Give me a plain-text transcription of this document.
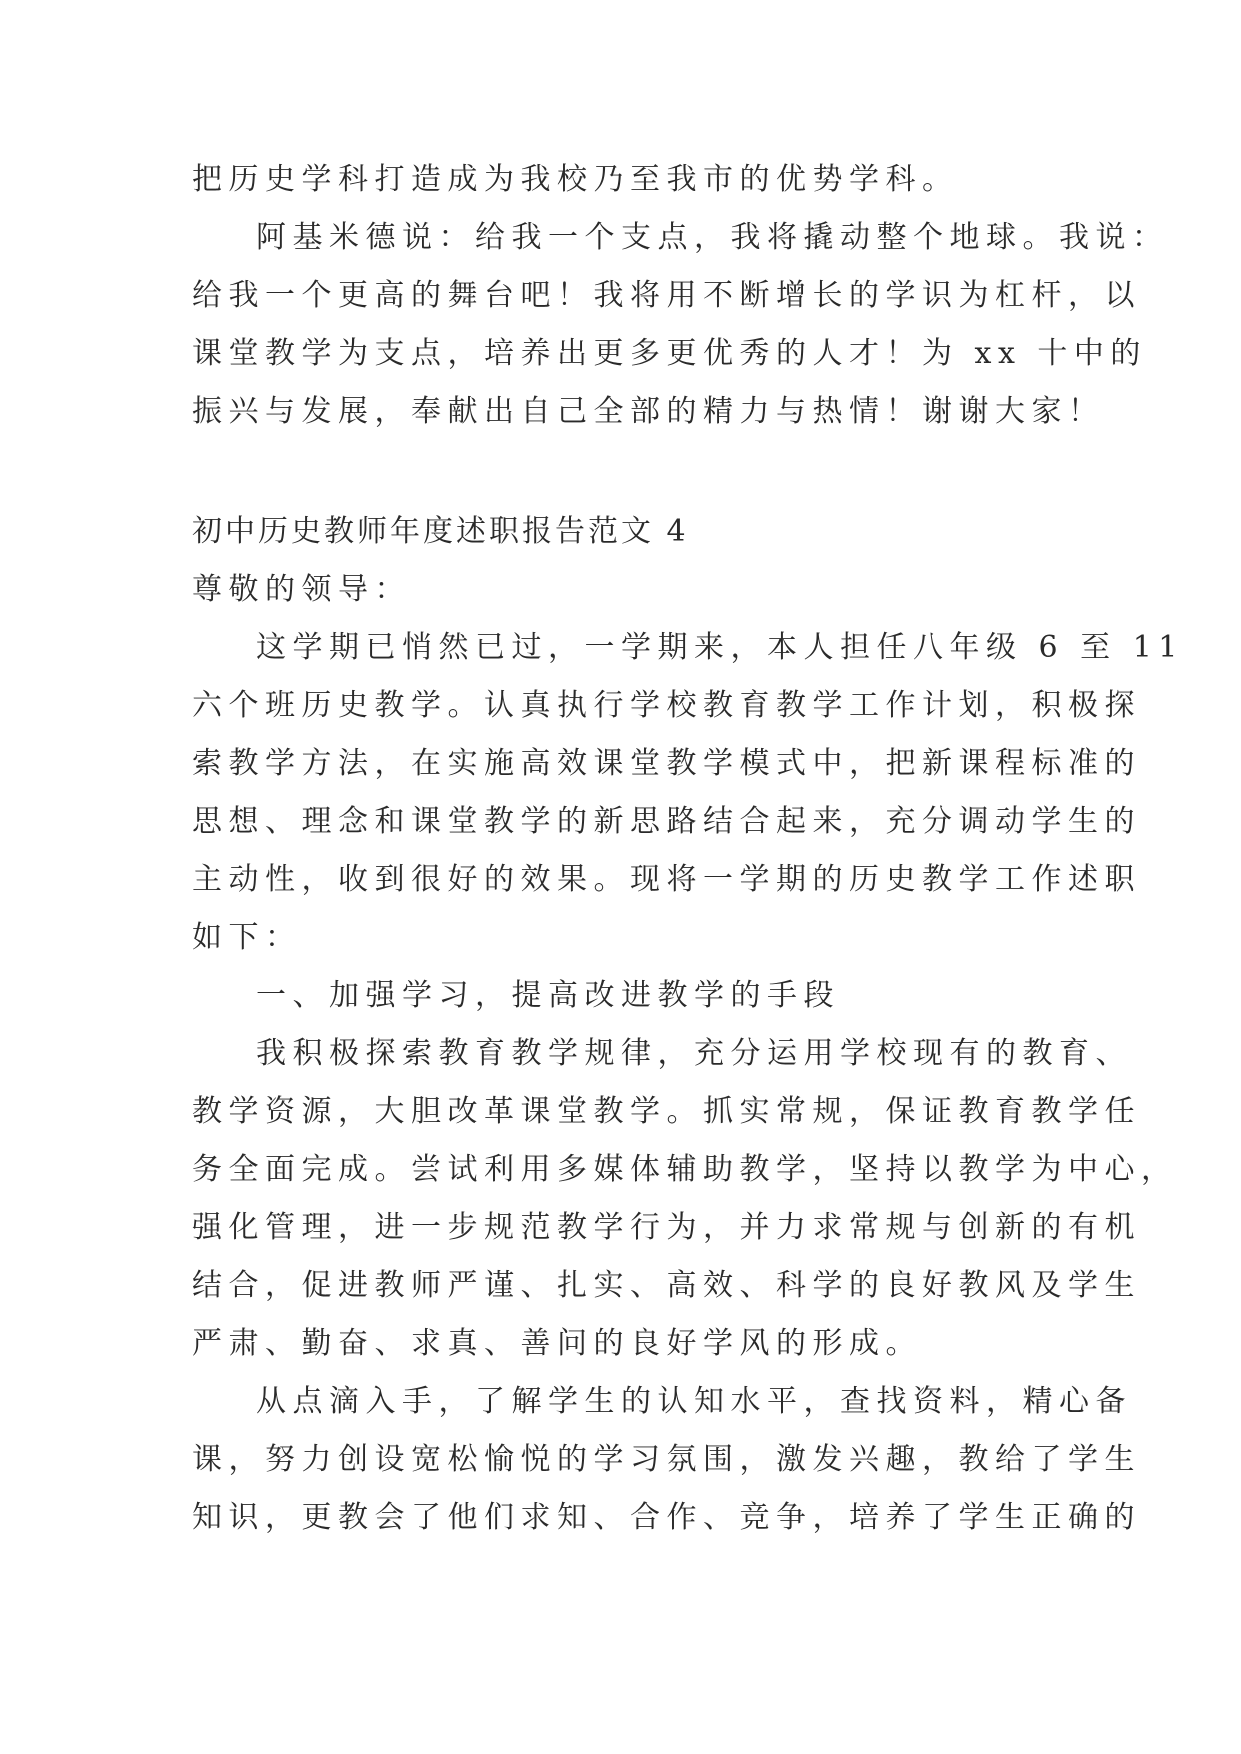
把历史学科打造成为我校乃至我市的优势学科。
阿基米德说：给我一个支点，我将撬动整个地球。我说：
给我一个更高的舞台吧！我将用不断增长的学识为杠杆，以
课堂教学为支点，培养出更多更优秀的人才！为 xx 十中的
振兴与发展，奉献出自己全部的精力与热情！谢谢大家！
初中历史教师年度述职报告范文 4
尊敬的领导：
这学期已悄然已过，一学期来，本人担任八年级 6 至 11
六个班历史教学。认真执行学校教育教学工作计划，积极探
索教学方法，在实施高效课堂教学模式中，把新课程标准的
思想、理念和课堂教学的新思路结合起来，充分调动学生的
主动性，收到很好的效果。现将一学期的历史教学工作述职
如下：
一、加强学习，提高改进教学的手段
我积极探索教育教学规律，充分运用学校现有的教育、
教学资源，大胆改革课堂教学。抓实常规，保证教育教学任
务全面完成。尝试利用多媒体辅助教学，坚持以教学为中心，
强化管理，进一步规范教学行为，并力求常规与创新的有机
结合，促进教师严谨、扎实、高效、科学的良好教风及学生
严肃、勤奋、求真、善问的良好学风的形成。
从点滴入手，了解学生的认知水平，查找资料，精心备
课，努力创设宽松愉悦的学习氛围，激发兴趣，教给了学生
知识，更教会了他们求知、合作、竞争，培养了学生正确的
